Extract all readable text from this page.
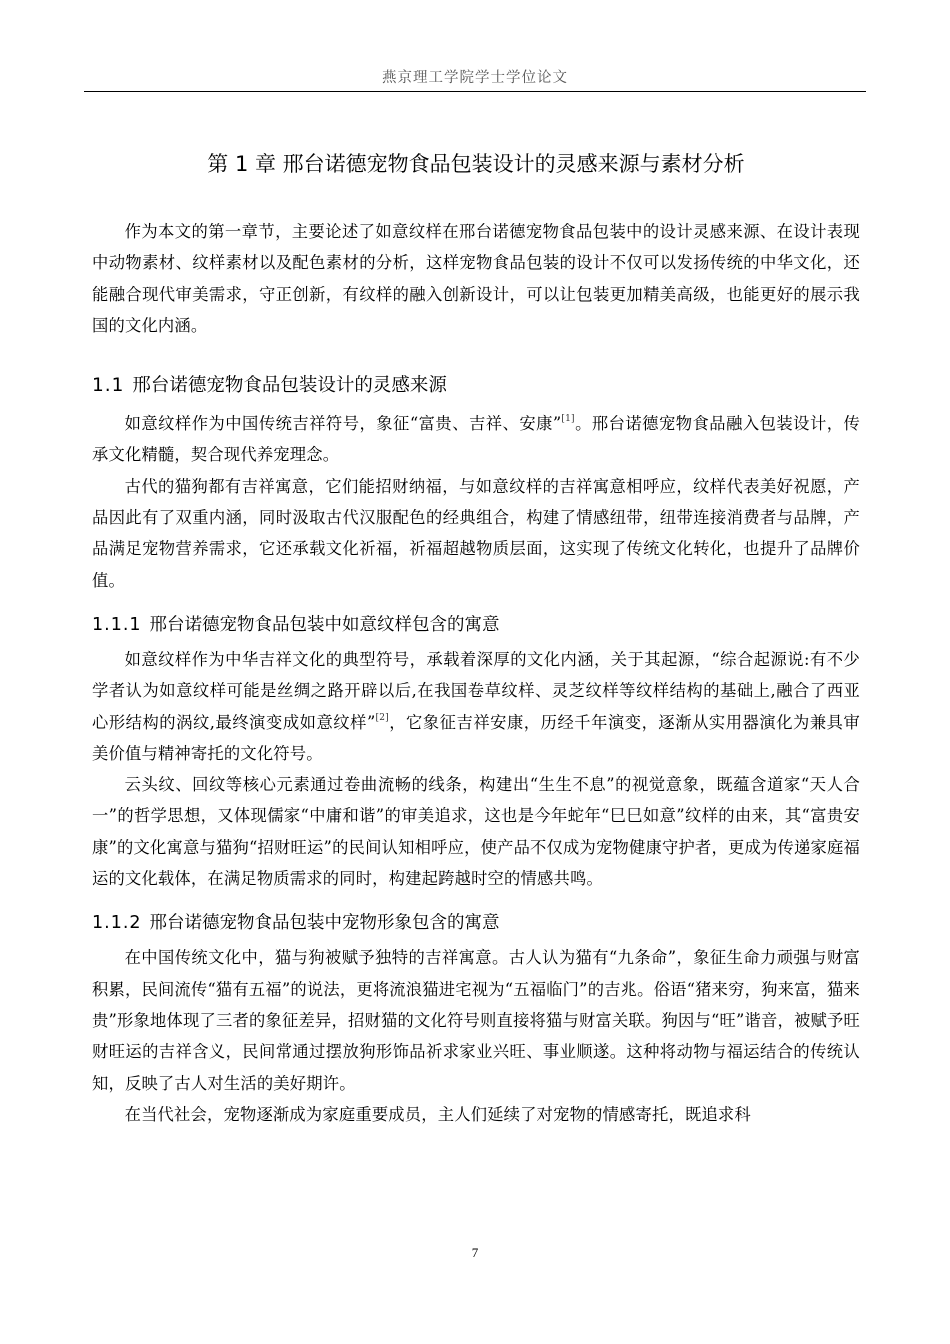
燕京理工学院学士学位论文
第 1 章 邢台诺德宠物食品包装设计的灵感来源与素材分析

作为本文的第一章节，主要论述了如意纹样在邢台诺德宠物食品包装中的设计灵感来源、在设计表现中动物素材、纹样素材以及配色素材的分析，这样宠物食品包装的设计不仅可以发扬传统的中华文化，还能融合现代审美需求，守正创新，有纹样的融入创新设计，可以让包装更加精美高级，也能更好的展示我国的文化内涵。

1.1 邢台诺德宠物食品包装设计的灵感来源

如意纹样作为中国传统吉祥符号，象征“富贵、吉祥、安康”[1]。邢台诺德宠物食品融入包装设计，传承文化精髓，契合现代养宠理念。

古代的猫狗都有吉祥寓意，它们能招财纳福，与如意纹样的吉祥寓意相呼应，纹样代表美好祝愿，产品因此有了双重内涵，同时汲取古代汉服配色的经典组合，构建了情感纽带，纽带连接消费者与品牌，产品满足宠物营养需求，它还承载文化祈福，祈福超越物质层面，这实现了传统文化转化，也提升了品牌价值。

1.1.1 邢台诺德宠物食品包装中如意纹样包含的寓意

如意纹样作为中华吉祥文化的典型符号，承载着深厚的文化内涵，关于其起源，“综合起源说:有不少学者认为如意纹样可能是丝绸之路开辟以后,在我国卷草纹样、灵芝纹样等纹样结构的基础上,融合了西亚心形结构的涡纹,最终演变成如意纹样”[2]，它象征吉祥安康，历经千年演变，逐渐从实用器演化为兼具审美价值与精神寄托的文化符号。

云头纹、回纹等核心元素通过卷曲流畅的线条，构建出“生生不息”的视觉意象，既蕴含道家“天人合一”的哲学思想，又体现儒家“中庸和谐”的审美追求，这也是今年蛇年“巳巳如意”纹样的由来，其“富贵安康”的文化寓意与猫狗“招财旺运”的民间认知相呼应，使产品不仅成为宠物健康守护者，更成为传递家庭福运的文化载体，在满足物质需求的同时，构建起跨越时空的情感共鸣。

1.1.2 邢台诺德宠物食品包装中宠物形象包含的寓意

在中国传统文化中，猫与狗被赋予独特的吉祥寓意。古人认为猫有“九条命”，象征生命力顽强与财富积累，民间流传“猫有五福”的说法，更将流浪猫进宅视为“五福临门”的吉兆。俗语“猪来穷，狗来富，猫来贵”形象地体现了三者的象征差异，招财猫的文化符号则直接将猫与财富关联。狗因与“旺”谐音，被赋予旺财旺运的吉祥含义，民间常通过摆放狗形饰品祈求家业兴旺、事业顺遂。这种将动物与福运结合的传统认知，反映了古人对生活的美好期许。

在当代社会，宠物逐渐成为家庭重要成员，主人们延续了对宠物的情感寄托，既追求科

7
